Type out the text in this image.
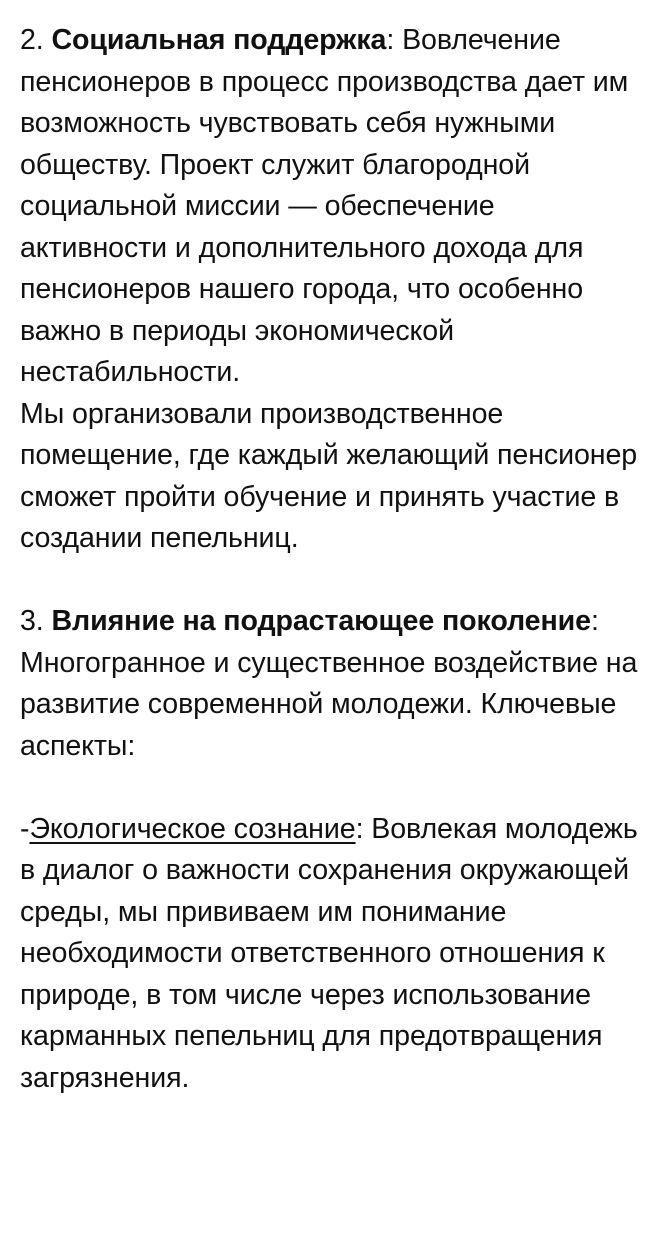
2. Социальная поддержка: Вовлечение пенсионеров в процесс производства дает им возможность чувствовать себя нужными обществу. Проект служит благородной социальной миссии — обеспечение активности и дополнительного дохода для пенсионеров нашего города, что особенно важно в периоды экономической нестабильности.

Мы организовали производственное помещение, где каждый желающий пенсионер сможет пройти обучение и принять участие в создании пепельниц.

3. Влияние на подрастающее поколение: Многогранное и существенное воздействие на развитие современной молодежи. Ключевые аспекты:

-Экологическое сознание: Вовлекая молодежь в диалог о важности сохранения окружающей среды, мы прививаем им понимание необходимости ответственного отношения к природе, в том числе через использование карманных пепельниц для предотвращения загрязнения.
